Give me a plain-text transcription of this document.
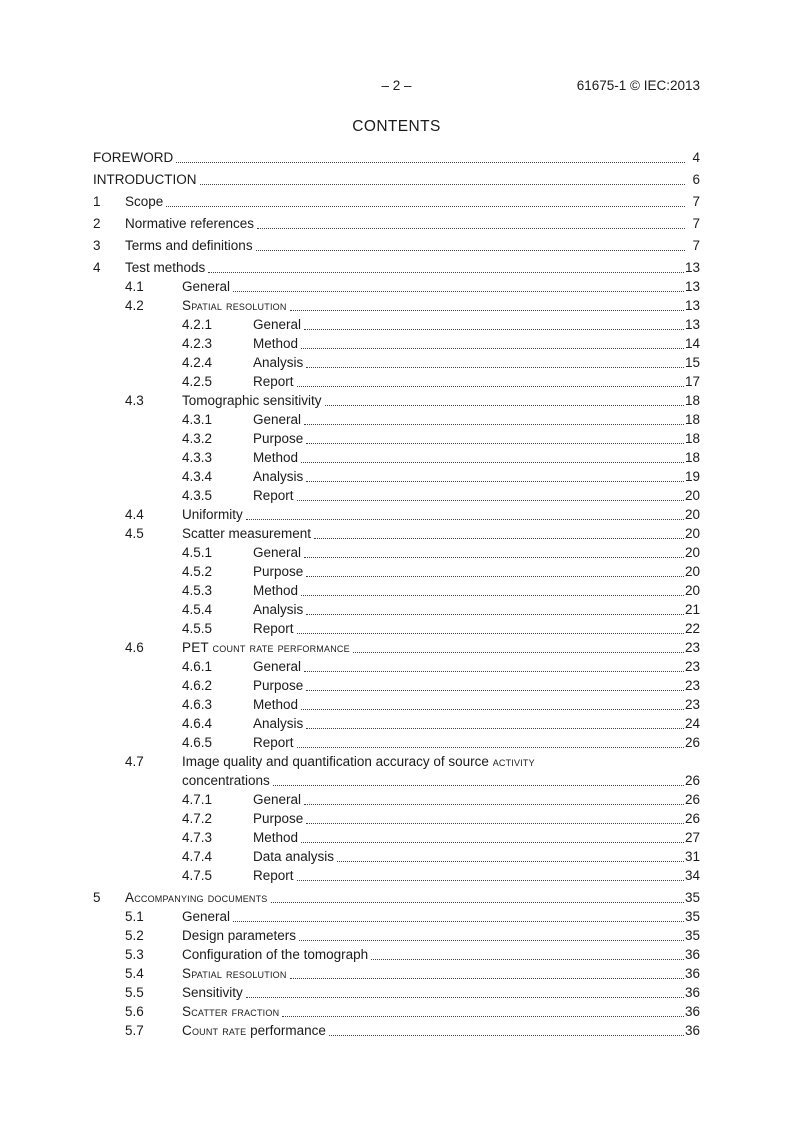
– 2 –	61675-1 © IEC:2013
CONTENTS
FOREWORD	4
INTRODUCTION	6
1	Scope	7
2	Normative references	7
3	Terms and definitions	7
4	Test methods	13
4.1	General	13
4.2	Spatial resolution	13
4.2.1	General	13
4.2.3	Method	14
4.2.4	Analysis	15
4.2.5	Report	17
4.3	Tomographic sensitivity	18
4.3.1	General	18
4.3.2	Purpose	18
4.3.3	Method	18
4.3.4	Analysis	19
4.3.5	Report	20
4.4	Uniformity	20
4.5	Scatter measurement	20
4.5.1	General	20
4.5.2	Purpose	20
4.5.3	Method	20
4.5.4	Analysis	21
4.5.5	Report	22
4.6	PET count rate performance	23
4.6.1	General	23
4.6.2	Purpose	23
4.6.3	Method	23
4.6.4	Analysis	24
4.6.5	Report	26
4.7	Image quality and quantification accuracy of source activity
concentrations	26
4.7.1	General	26
4.7.2	Purpose	26
4.7.3	Method	27
4.7.4	Data analysis	31
4.7.5	Report	34
5	Accompanying documents	35
5.1	General	35
5.2	Design parameters	35
5.3	Configuration of the tomograph	36
5.4	Spatial resolution	36
5.5	Sensitivity	36
5.6	Scatter fraction	36
5.7	Count rate performance	36
